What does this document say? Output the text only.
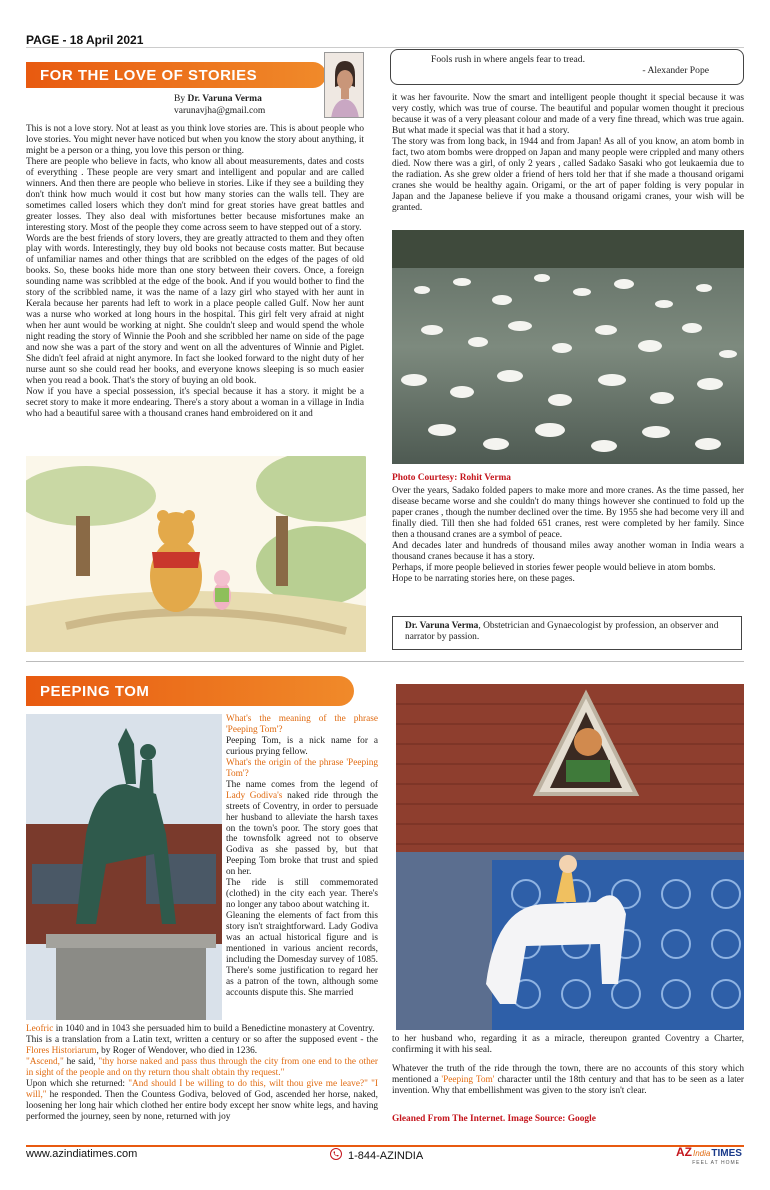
PAGE - 18 April 2021
FOR THE LOVE OF STORIES
By Dr. Varuna Verma
varunavjha@gmail.com

This is not a love story. Not at least as you think love stories are. This is about people who love stories. You might never have noticed but when you know the story about anything, it might be a person or a thing, you love this person or thing.

There are people who believe in facts, who know all about measurements, dates and costs of everything . These people are very smart and intelligent and popular and are called winners. And then there are people who believe in stories. Like if they see a building they don't think how much would it cost but how many stories can the walls tell. They are sometimes called losers which they don't mind for great stories have great battles and greater losses. They also deal with misfortunes better because misfortunes make an interesting story. Most of the people they come across seem to have stepped out of a story.

Words are the best friends of story lovers, they are greatly attracted to them and they often play with words. Interestingly, they buy old books not because costs matter. But because of unfamiliar names and other things that are scribbled on the edges of the pages of old books. So, these books hide more than one story between their covers. Once, a foreign sounding name was scribbled at the edge of the book. And if you would bother to find the story of the scribbled name, it was the name of a lazy girl who stayed with her aunt in Kerala because her parents had left to work in a place people called Gulf. Now her aunt was a nurse who worked at long hours in the hospital. This girl felt very afraid at night when her aunt would be working at night. She couldn't sleep and would spend the whole night reading the story of Winnie the Pooh and she scribbled her name on side of the page and now she was a part of the story and went on all the adventures of Winnie and Piglet. She didn't feel afraid at night anymore. In fact she looked forward to the night duty of her nurse aunt so she could read her books, and everyone knows sleeping is so much easier when you read a book. That's the story of buying an old book.

Now if you have a special possession, it's special because it has a story. it might be a secret story to make it more endearing. There's a story about a woman in a village in India who had a beautiful saree with a thousand cranes hand embroidered on it and

Fools rush in where angels fear to tread.
- Alexander Pope

it was her favourite. Now the smart and intelligent people thought it special because it was very costly, which was true of course. The beautiful and popular women thought it precious because it was of a very pleasant colour and made of a very fine thread, which was true again. But what made it special was that it had a story.

The story was from long back, in 1944 and from Japan! As all of you know, an atom bomb in fact, two atom bombs were dropped on Japan and many people were crippled and many others died. Now there was a girl, of only 2 years , called Sadako Sasaki who got leukaemia due to the radiation. As she grew older a friend of hers told her that if she made a thousand origami cranes she would be healthy again. Origami, or the art of paper folding is very popular in Japan and the Japanese believe if you make a thousand origami cranes, your wish will be granted.

Photo Courtesy: Rohit Verma

Over the years, Sadako folded papers to make more and more cranes. As the time passed, her disease became worse and she couldn't do many things however she continued to fold up the paper cranes , though the number declined over the time. By 1955 she had become very ill and finally died. Till then she had folded 651 cranes, rest were completed by her family. Since then a thousand cranes are a symbol of peace.

And decades later and hundreds of thousand miles away another woman in India wears a thousand cranes because it has a story.

Perhaps, if more people believed in stories fewer people would believe in atom bombs.

Hope to be narrating stories here, on these pages.

Dr. Varuna Verma, Obstetrician and Gynaecologist by profession, an observer and narrator by passion.
PEEPING TOM

What's the meaning of the phrase 'Peeping Tom'?

Peeping Tom, is a nick name for a curious prying fellow.

What's the origin of the phrase 'Peeping Tom'?

The name comes from the legend of Lady Godiva's naked ride through the streets of Coventry, in order to persuade her husband to alleviate the harsh taxes on the town's poor. The story goes that the townsfolk agreed not to observe Godiva as she passed by, but that Peeping Tom broke that trust and spied on her.

The ride is still commemorated (clothed) in the city each year. There's no longer any taboo about watching it.

Gleaning the elements of fact from this story isn't straightforward. Lady Godiva was an actual historical figure and is mentioned in various ancient records, including the Domesday survey of 1085. There's some justification to regard her as a patron of the town, although some accounts dispute this. She married

Leofric in 1040 and in 1043 she persuaded him to build a Benedictine monastery at Coventry.

This is a translation from a Latin text, written a century or so after the supposed event - the Flores Historiarum, by Roger of Wendover, who died in 1236.

"Ascend," he said, "thy horse naked and pass thus through the city from one end to the other in sight of the people and on thy return thou shalt obtain thy request."

Upon which she returned: "And should I be willing to do this, wilt thou give me leave?" "I will," he responded. Then the Countess Godiva, beloved of God, ascended her horse, naked, loosening her long hair which clothed her entire body except her snow white legs, and having performed the journey, seen by none, returned with joy

to her husband who, regarding it as a miracle, thereupon granted Coventry a Charter, confirming it with his seal.

Whatever the truth of the ride through the town, there are no accounts of this story which mentioned a 'Peeping Tom' character until the 18th century and that has to be seen as a later invention. Why that embellishment was given to the story isn't clear.

Gleaned From The Internet. Image Source: Google
www.azindiatimes.com	1-844-AZINDIA	AZ India TIMES
FEEL AT HOME
